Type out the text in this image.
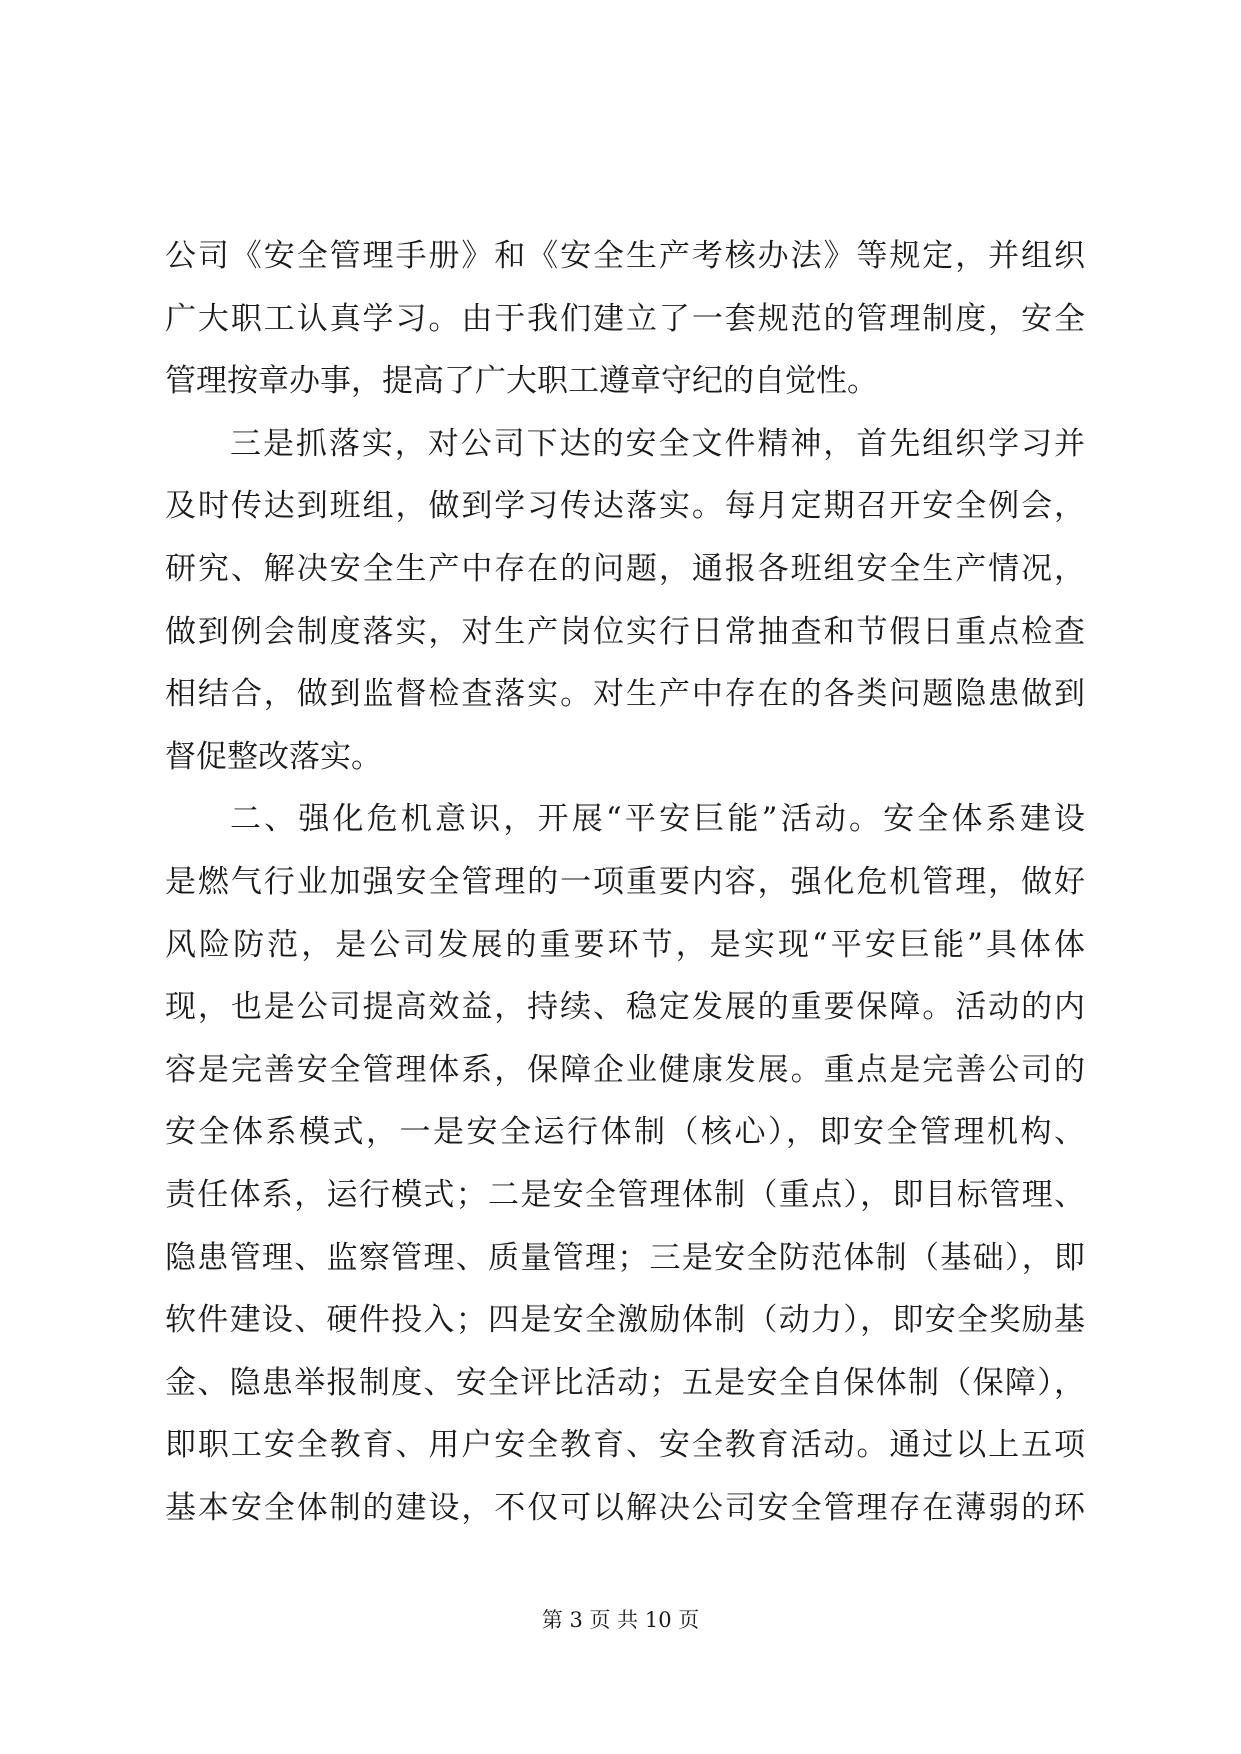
公司《安全管理手册》和《安全生产考核办法》等规定，并组织
广大职工认真学习。由于我们建立了一套规范的管理制度，安全
管理按章办事，提高了广大职工遵章守纪的自觉性。
三是抓落实，对公司下达的安全文件精神，首先组织学习并
及时传达到班组，做到学习传达落实。每月定期召开安全例会，
研究、解决安全生产中存在的问题，通报各班组安全生产情况，
做到例会制度落实，对生产岗位实行日常抽查和节假日重点检查
相结合，做到监督检查落实。对生产中存在的各类问题隐患做到
督促整改落实。
二、强化危机意识，开展“平安巨能”活动。安全体系建设
是燃气行业加强安全管理的一项重要内容，强化危机管理，做好
风险防范，是公司发展的重要环节，是实现“平安巨能”具体体
现，也是公司提高效益，持续、稳定发展的重要保障。活动的内
容是完善安全管理体系，保障企业健康发展。重点是完善公司的
安全体系模式，一是安全运行体制（核心），即安全管理机构、
责任体系，运行模式；二是安全管理体制（重点），即目标管理、
隐患管理、监察管理、质量管理；三是安全防范体制（基础），即
软件建设、硬件投入；四是安全激励体制（动力），即安全奖励基
金、隐患举报制度、安全评比活动；五是安全自保体制（保障），
即职工安全教育、用户安全教育、安全教育活动。通过以上五项
基本安全体制的建设，不仅可以解决公司安全管理存在薄弱的环
第 3 页 共 10 页
